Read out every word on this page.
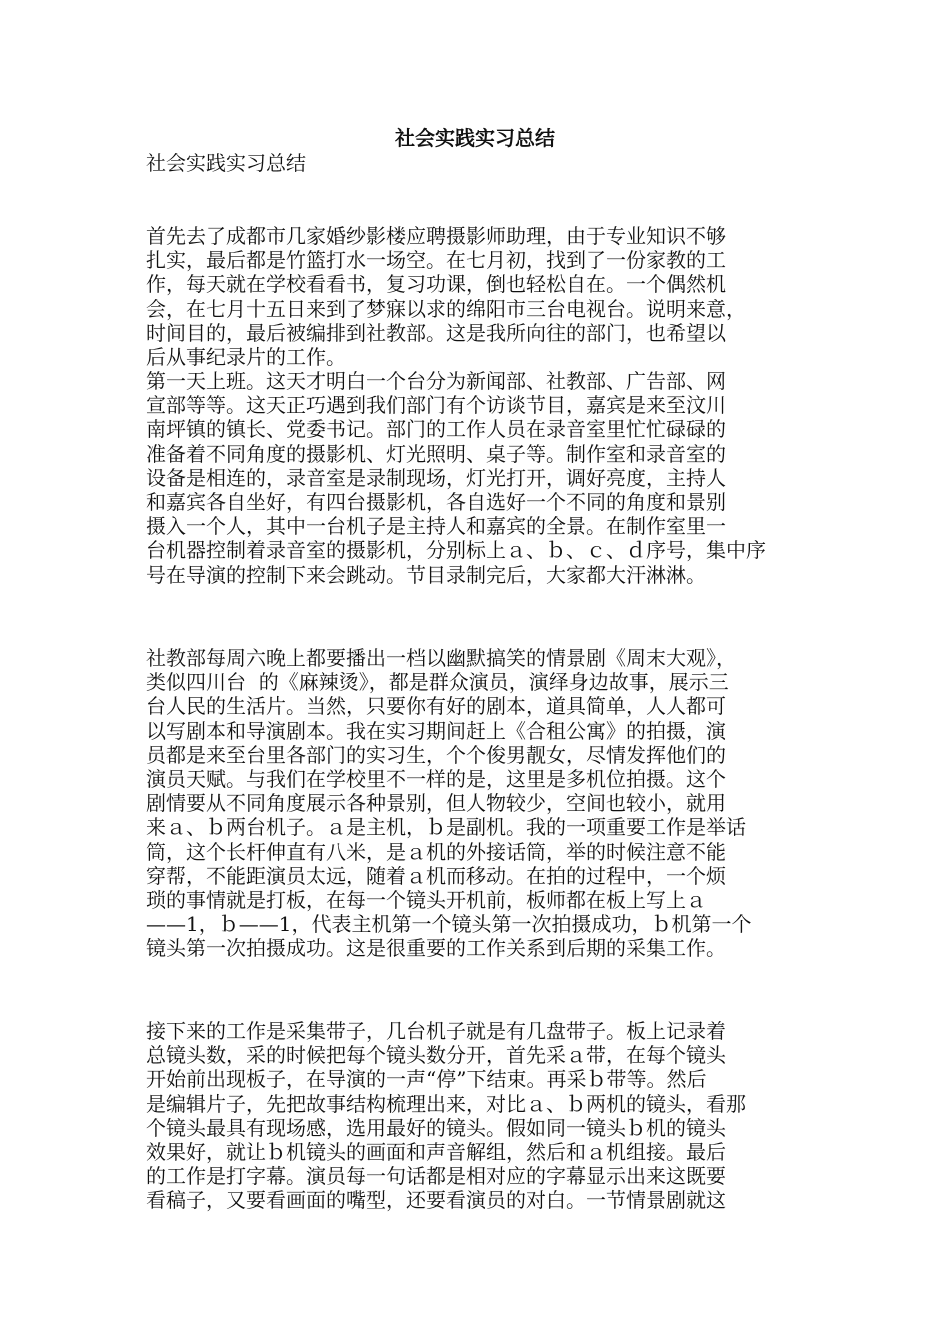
社会实践实习总结
社会实践实习总结
首先去了成都市几家婚纱影楼应聘摄影师助理，由于专业知识不够
扎实，最后都是竹篮打水一场空。在七月初，找到了一份家教的工
作，每天就在学校看看书，复习功课，倒也轻松自在。一个偶然机
会，在七月十五日来到了梦寐以求的绵阳市三台电视台。说明来意，
时间目的，最后被编排到社教部。这是我所向往的部门，也希望以
后从事纪录片的工作。
第一天上班。这天才明白一个台分为新闻部、社教部、广告部、网
宣部等等。这天正巧遇到我们部门有个访谈节目，嘉宾是来至汶川
南坪镇的镇长、党委书记。部门的工作人员在录音室里忙忙碌碌的
准备着不同角度的摄影机、灯光照明、桌子等。制作室和录音室的
设备是相连的，录音室是录制现场，灯光打开，调好亮度，主持人
和嘉宾各自坐好，有四台摄影机，各自选好一个不同的角度和景别
摄入一个人，其中一台机子是主持人和嘉宾的全景。在制作室里一
台机器控制着录音室的摄影机，分别标上ａ、ｂ、ｃ、ｄ序号，集中序
号在导演的控制下来会跳动。节目录制完后，大家都大汗淋淋。
社教部每周六晚上都要播出一档以幽默搞笑的情景剧《周末大观》，
类似四川台  的《麻辣烫》，都是群众演员，演绎身边故事，展示三
台人民的生活片。当然，只要你有好的剧本，道具简单，人人都可
以写剧本和导演剧本。我在实习期间赶上《合租公寓》的拍摄，演
员都是来至台里各部门的实习生，个个俊男靓女，尽情发挥他们的
演员天赋。与我们在学校里不一样的是，这里是多机位拍摄。这个
剧情要从不同角度展示各种景别，但人物较少，空间也较小，就用
来ａ、ｂ两台机子。ａ是主机，ｂ是副机。我的一项重要工作是举话
筒，这个长杆伸直有八米，是ａ机的外接话筒，举的时候注意不能
穿帮，不能距演员太远，随着ａ机而移动。在拍的过程中，一个烦
琐的事情就是打板，在每一个镜头开机前，板师都在板上写上ａ
——1，ｂ——1，代表主机第一个镜头第一次拍摄成功，ｂ机第一个
镜头第一次拍摄成功。这是很重要的工作关系到后期的采集工作。
接下来的工作是采集带子，几台机子就是有几盘带子。板上记录着
总镜头数，采的时候把每个镜头数分开，首先采ａ带，在每个镜头
开始前出现板子，在导演的一声“停”下结束。再采ｂ带等。然后
是编辑片子，先把故事结构梳理出来，对比ａ、ｂ两机的镜头，看那
个镜头最具有现场感，选用最好的镜头。假如同一镜头ｂ机的镜头
效果好，就让ｂ机镜头的画面和声音解组，然后和ａ机组接。最后
的工作是打字幕。演员每一句话都是相对应的字幕显示出来这既要
看稿子，又要看画面的嘴型，还要看演员的对白。一节情景剧就这
